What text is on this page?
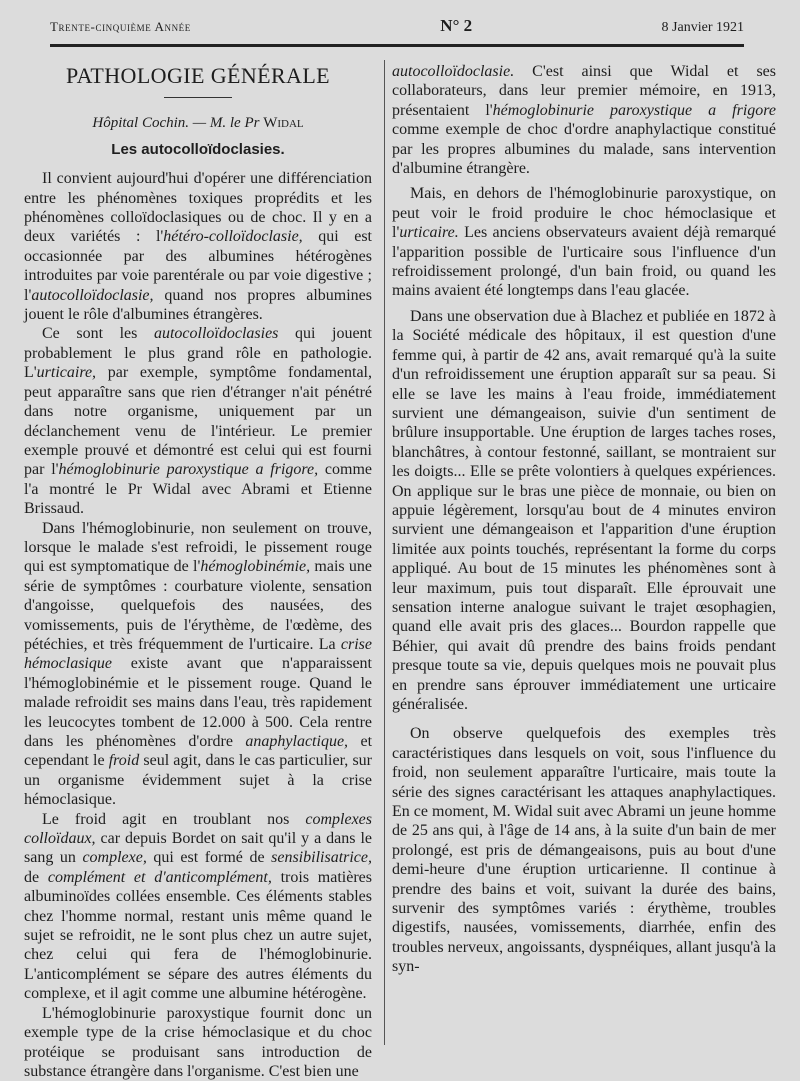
Trente-cinquième Année	N° 2	8 Janvier 1921
PATHOLOGIE GÉNÉRALE
Hôpital Cochin. — M. le Pr Widal
Les autocolloïdoclasies.

Il convient aujourd'hui d'opérer une différenciation entre les phénomènes toxiques proprédits et les phénomènes colloïdoclasiques ou de choc. Il y en a deux variétés : l'hétéro-colloïdoclasie, qui est occasionnée par des albumines hétérogènes introduites par voie parentérale ou par voie digestive ; l'autocolloïdoclasie, quand nos propres albumines jouent le rôle d'albumines étrangères.

Ce sont les autocolloïdoclasies qui jouent probablement le plus grand rôle en pathologie. L'urticaire, par exemple, symptôme fondamental, peut apparaître sans que rien d'étranger n'ait pénétré dans notre organisme, uniquement par un déclanchement venu de l'intérieur. Le premier exemple prouvé et démontré est celui qui est fourni par l'hémoglobinurie paroxystique a frigore, comme l'a montré le Pr Widal avec Abrami et Etienne Brissaud.

Dans l'hémoglobinurie, non seulement on trouve, lorsque le malade s'est refroidi, le pissement rouge qui est symptomatique de l'hémoglobinémie, mais une série de symptômes : courbature violente, sensation d'angoisse, quelquefois des nausées, des vomissements, puis de l'érythème, de l'œdème, des pétéchies, et très fréquemment de l'urticaire. La crise hémoclasique existe avant que n'apparaissent l'hémoglobinémie et le pissement rouge. Quand le malade refroidit ses mains dans l'eau, très rapidement les leucocytes tombent de 12.000 à 500. Cela rentre dans les phénomènes d'ordre anaphylactique, et cependant le froid seul agit, dans le cas particulier, sur un organisme évidemment sujet à la crise hémoclasique.

Le froid agit en troublant nos complexes colloïdaux, car depuis Bordet on sait qu'il y a dans le sang un complexe, qui est formé de sensibilisatrice, de complément et d'anticomplément, trois matières albuminoïdes collées ensemble. Ces éléments stables chez l'homme normal, restant unis même quand le sujet se refroidit, ne le sont plus chez un autre sujet, chez celui qui fera de l'hémoglobinurie. L'anticomplément se sépare des autres éléments du complexe, et il agit comme une albumine hétérogène.

L'hémoglobinurie paroxystique fournit donc un exemple type de la crise hémoclasique et du choc protéique se produisant sans introduction de substance étrangère dans l'organisme. C'est bien une

autocolloïdoclasie. C'est ainsi que Widal et ses collaborateurs, dans leur premier mémoire, en 1913, présentaient l'hémoglobinurie paroxystique a frigore comme exemple de choc d'ordre anaphylactique constitué par les propres albumines du malade, sans intervention d'albumine étrangère.

Mais, en dehors de l'hémoglobinurie paroxystique, on peut voir le froid produire le choc hémoclasique et l'urticaire. Les anciens observateurs avaient déjà remarqué l'apparition possible de l'urticaire sous l'influence d'un refroidissement prolongé, d'un bain froid, ou quand les mains avaient été longtemps dans l'eau glacée.

Dans une observation due à Blachez et publiée en 1872 à la Société médicale des hôpitaux, il est question d'une femme qui, à partir de 42 ans, avait remarqué qu'à la suite d'un refroidissement une éruption apparaît sur sa peau. Si elle se lave les mains à l'eau froide, immédiatement survient une démangeaison, suivie d'un sentiment de brûlure insupportable. Une éruption de larges taches roses, blanchâtres, à contour festonné, saillant, se montraient sur les doigts... Elle se prête volontiers à quelques expériences. On applique sur le bras une pièce de monnaie, ou bien on appuie légèrement, lorsqu'au bout de 4 minutes environ survient une démangeaison et l'apparition d'une éruption limitée aux points touchés, représentant la forme du corps appliqué. Au bout de 15 minutes les phénomènes sont à leur maximum, puis tout disparaît. Elle éprouvait une sensation interne analogue suivant le trajet œsophagien, quand elle avait pris des glaces... Bourdon rappelle que Béhier, qui avait dû prendre des bains froids pendant presque toute sa vie, depuis quelques mois ne pouvait plus en prendre sans éprouver immédiatement une urticaire généralisée.

On observe quelquefois des exemples très caractéristiques dans lesquels on voit, sous l'influence du froid, non seulement apparaître l'urticaire, mais toute la série des signes caractérisant les attaques anaphylactiques. En ce moment, M. Widal suit avec Abrami un jeune homme de 25 ans qui, à l'âge de 14 ans, à la suite d'un bain de mer prolongé, est pris de démangeaisons, puis au bout d'une demi-heure d'une éruption urticarienne. Il continue à prendre des bains et voit, suivant la durée des bains, survenir des symptômes variés : érythème, troubles digestifs, nausées, vomissements, diarrhée, enfin des troubles nerveux, angoissants, dyspnéiques, allant jusqu'à la syn-
